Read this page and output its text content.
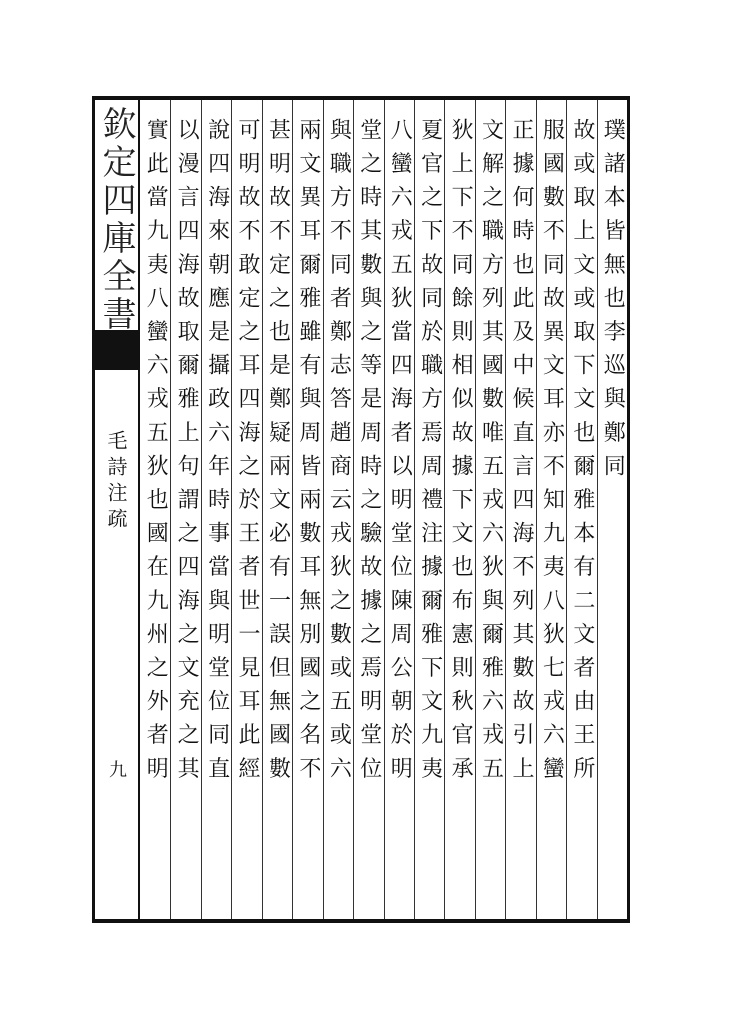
欽定四庫全書
毛詩注疏
九
璞諸本皆無也李巡與鄭同
故或取上文或取下文也爾雅本有二文者由王所
服國數不同故異文耳亦不知九夷八狄七戎六蠻
正據何時也此及中候直言四海不列其數故引上
文解之職方列其國數唯五戎六狄與爾雅六戎五
狄上下不同餘則相似故據下文也布憲則秋官承
夏官之下故同於職方焉周禮注據爾雅下文九夷
八蠻六戎五狄當四海者以明堂位陳周公朝於明
堂之時其數與之等是周時之驗故據之焉明堂位
與職方不同者鄭志答趙商云戎狄之數或五或六
兩文異耳爾雅雖有與周皆兩數耳無別國之名不
甚明故不定之也是鄭疑兩文必有一誤但無國數
可明故不敢定之耳四海之於王者世一見耳此經
說四海來朝應是攝政六年時事當與明堂位同直
以漫言四海故取爾雅上句謂之四海之文充之其
實此當九夷八蠻六戎五狄也國在九州之外者明
